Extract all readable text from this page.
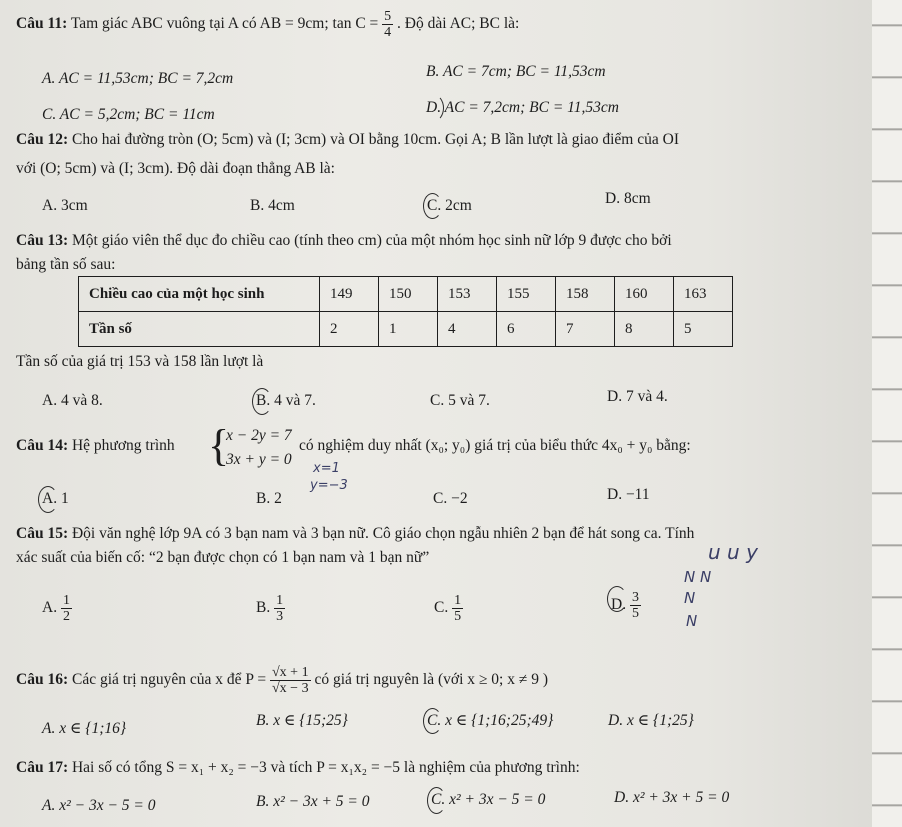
Câu 11: Tam giác ABC vuông tại A có AB = 9cm; $\tan C = \frac{5}{4}$ . Độ dài AC; BC là:
A. AC = 11,53cm; BC = 7,2cm	B. AC = 7cm; BC = 11,53cm
C. AC = 5,2cm; BC = 11cm	D. AC = 7,2cm; BC = 11,53cm
Câu 12: Cho hai đường tròn (O; 5cm) và (I; 3cm) và OI bằng 10cm. Gọi A; B lần lượt là giao điểm của OI
với (O; 5cm) và (I; 3cm). Độ dài đoạn thẳng AB là:
A. 3cm	B. 4cm	C. 2cm	D. 8cm
Câu 13: Một giáo viên thể dục đo chiều cao (tính theo cm) của một nhóm học sinh nữ lớp 9 được cho bởi
bảng tần số sau:
Chiều cao của một học sinh	149	150	153	155	158	160	163
Tần số	2	1	4	6	7	8	5
Tần số của giá trị 153 và 158 lần lượt là
A. 4 và 8.	B. 4 và 7.	C. 5 và 7.	D. 7 và 4.
Câu 14: Hệ phương trình {
x − 2y = 7
3x + y = 0
có nghiệm duy nhất (x₀; y₀) giá trị của biểu thức 4x₀ + y₀ bằng:
x=1
y=−3
A. 1	B. 2	C. −2	D. −11
Câu 15: Đội văn nghệ lớp 9A có 3 bạn nam và 3 bạn nữ. Cô giáo chọn ngẫu nhiên 2 bạn để hát song ca. Tính
xác suất của biến cố: “2 bạn được chọn có 1 bạn nam và 1 bạn nữ”	u u y
N N
N
N
A. $\frac{1}{2}$	B. $\frac{1}{3}$	C. $\frac{1}{5}$	D. $\frac{3}{5}$
Câu 16: Các giá trị nguyên của x để $P = \frac{√x + 1}{√x - 3}$ có giá trị nguyên là (với x ≥ 0; x ≠ 9 )
A. x ∈ {1;16}	B. x ∈ {15;25}	C. x ∈ {1;16;25;49}	D. x ∈ {1;25}
Câu 17: Hai số có tổng S = x₁ + x₂ = −3 và tích P = x₁x₂ = −5 là nghiệm của phương trình:
A. x² − 3x − 5 = 0	B. x² − 3x + 5 = 0	C. x² + 3x − 5 = 0	D. x² + 3x + 5 = 0
